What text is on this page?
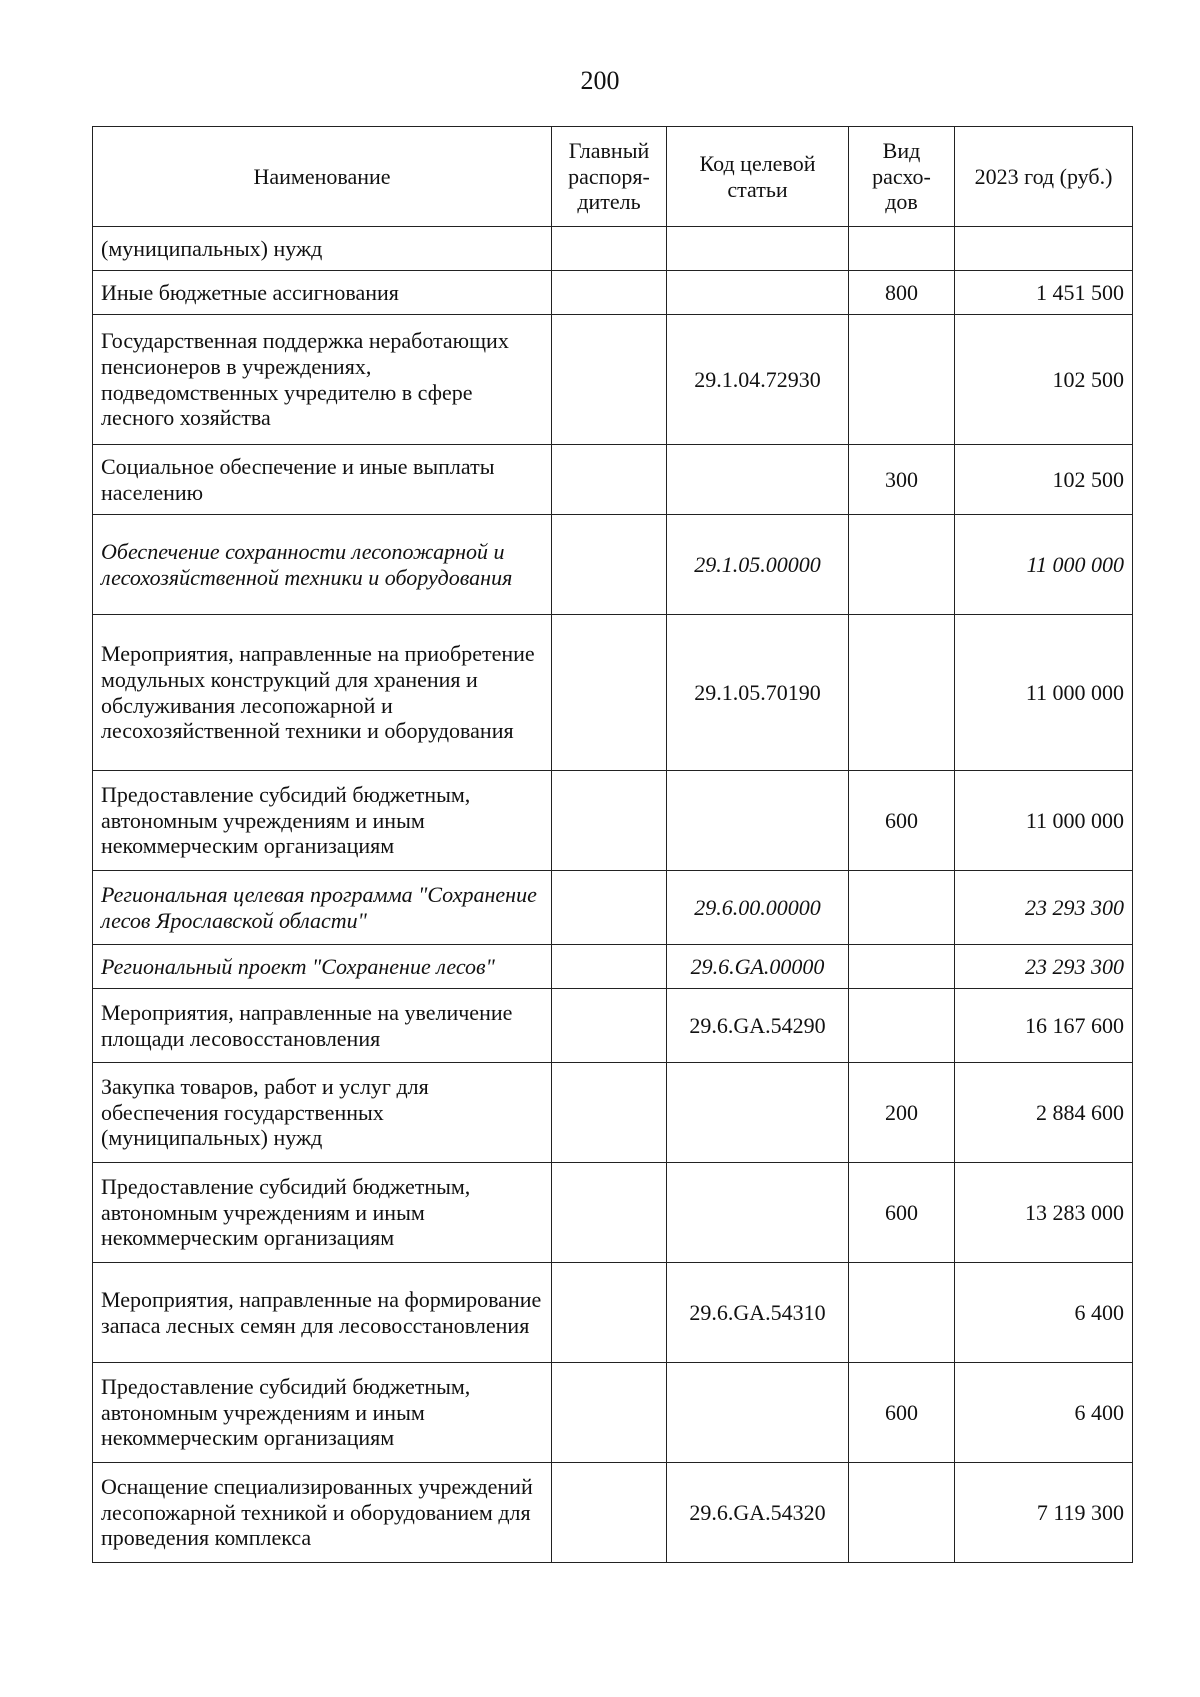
200
Наименование	Главный распоря-дитель	Код целевой статьи	Вид расхо-дов	2023 год (руб.)
(муниципальных) нужд				
Иные бюджетные ассигнования			800	1 451 500
Государственная поддержка неработающих пенсионеров в учреждениях, подведомственных учредителю в сфере лесного хозяйства		29.1.04.72930		102 500
Социальное обеспечение и иные выплаты населению			300	102 500
Обеспечение сохранности лесопожарной и лесохозяйственной техники и оборудования		29.1.05.00000		11 000 000
Мероприятия, направленные на приобретение модульных конструкций для хранения и обслуживания лесопожарной и лесохозяйственной техники и оборудования		29.1.05.70190		11 000 000
Предоставление субсидий бюджетным, автономным учреждениям и иным некоммерческим организациям			600	11 000 000
Региональная целевая программа "Сохранение лесов Ярославской области"		29.6.00.00000		23 293 300
Региональный проект "Сохранение лесов"		29.6.GA.00000		23 293 300
Мероприятия, направленные на увеличение площади лесовосстановления		29.6.GA.54290		16 167 600
Закупка товаров, работ и услуг для обеспечения государственных (муниципальных) нужд			200	2 884 600
Предоставление субсидий бюджетным, автономным учреждениям и иным некоммерческим организациям			600	13 283 000
Мероприятия, направленные на формирование запаса лесных семян для лесовосстановления		29.6.GA.54310		6 400
Предоставление субсидий бюджетным, автономным учреждениям и иным некоммерческим организациям			600	6 400
Оснащение специализированных учреждений лесопожарной техникой и оборудованием для проведения комплекса		29.6.GA.54320		7 119 300
